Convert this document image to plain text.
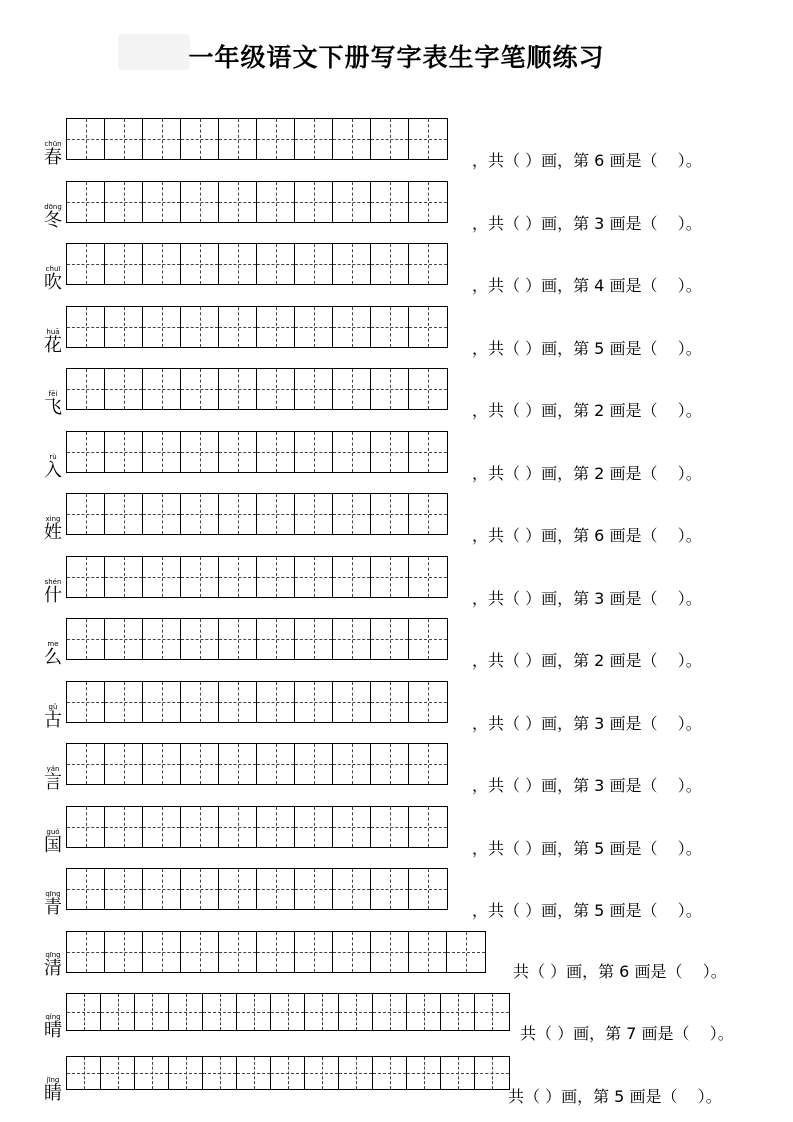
一年级语文下册写字表生字笔顺练习
chūn
春	，共（ ）画，第 6 画是（    ）。
dōng
冬	，共（ ）画，第 3 画是（    ）。
chuī
吹	，共（ ）画，第 4 画是（    ）。
huā
花	，共（ ）画，第 5 画是（    ）。
fēi
飞	，共（ ）画，第 2 画是（    ）。
rù
入	，共（ ）画，第 2 画是（    ）。
xìng
姓	，共（ ）画，第 6 画是（    ）。
shén
什	，共（ ）画，第 3 画是（    ）。
me
么	，共（ ）画，第 2 画是（    ）。
gǔ
古	，共（ ）画，第 3 画是（    ）。
yán
言	，共（ ）画，第 3 画是（    ）。
guó
国	，共（ ）画，第 5 画是（    ）。
qīng
青	，共（ ）画，第 5 画是（    ）。
qīng
清	共（ ）画，第 6 画是（    ）。
qíng
晴	共（ ）画，第 7 画是（    ）。
jīng
睛	共（ ）画，第 5 画是（    ）。
